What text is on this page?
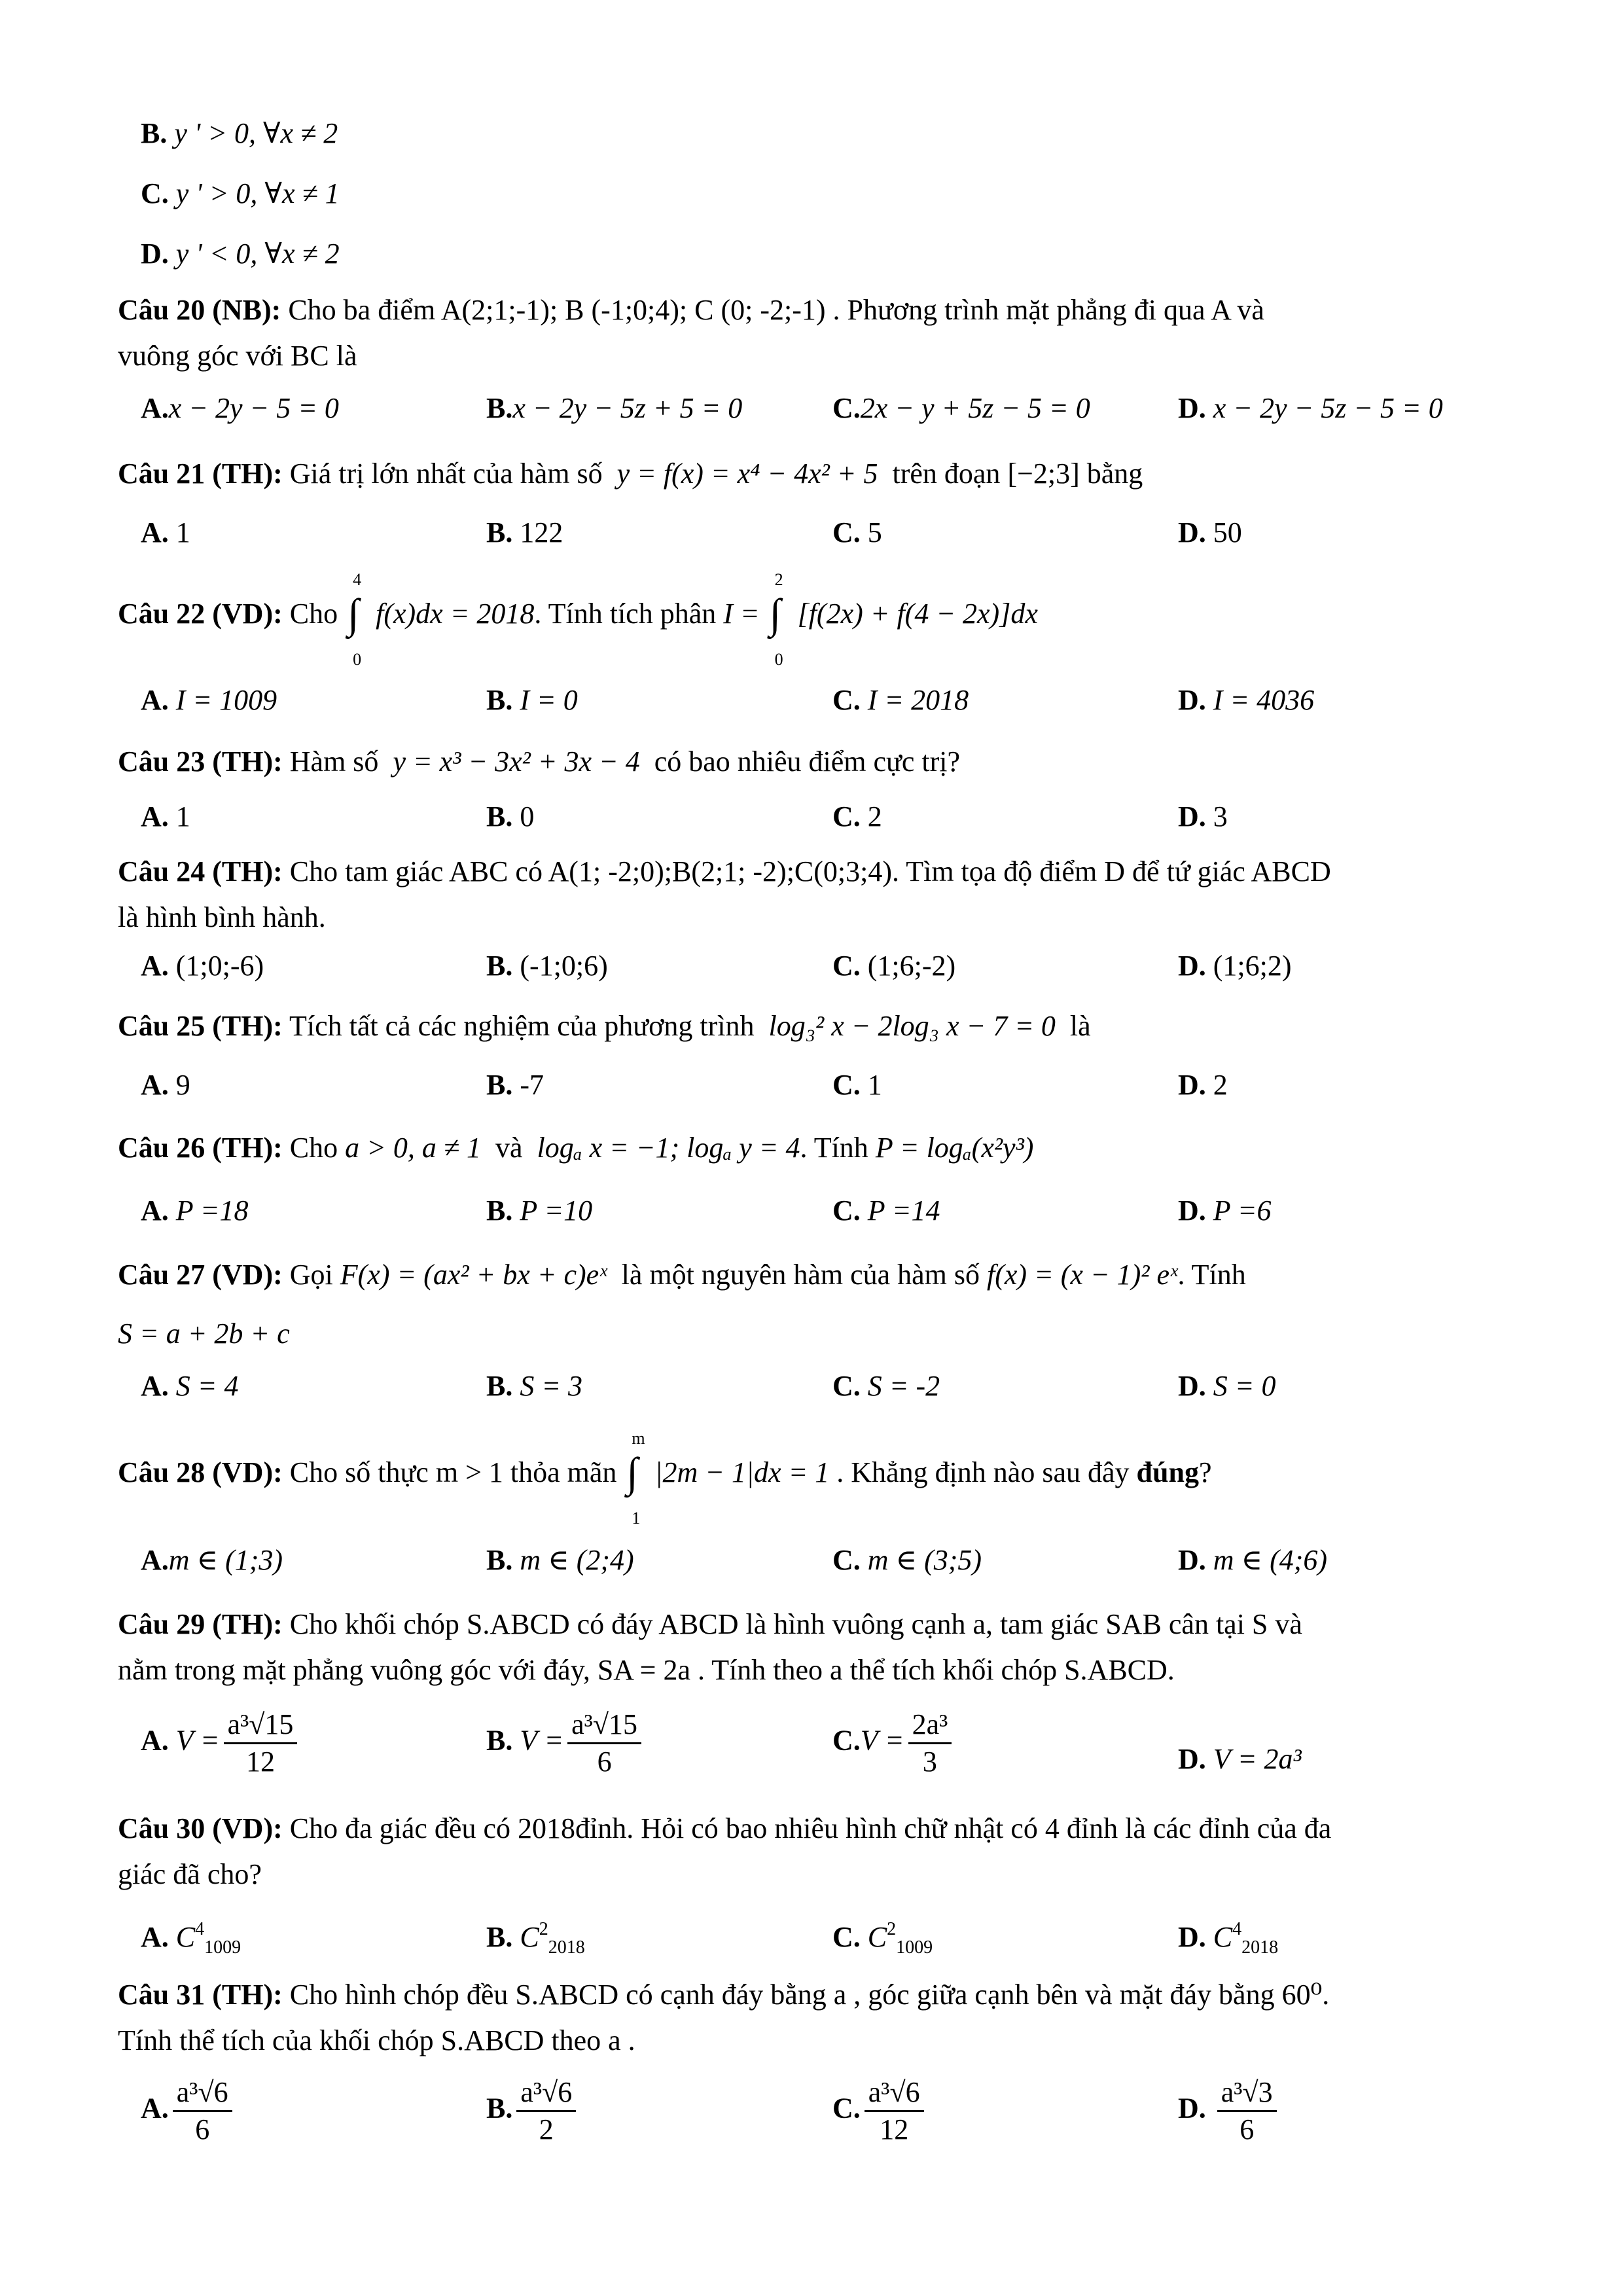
B. y ' > 0, ∀x ≠ 2
C. y ' > 0, ∀x ≠ 1
D. y ' < 0, ∀x ≠ 2
Câu 20 (NB): Cho ba điểm A(2;1;-1); B (-1;0;4); C (0; -2;-1) . Phương trình mặt phẳng đi qua A và
vuông góc với BC là
A.x − 2y − 5 = 0	B.x − 2y − 5z + 5 = 0	C.2x − y + 5z − 5 = 0	D. x − 2y − 5z − 5 = 0
Câu 21 (TH): Giá trị lớn nhất của hàm số y = f(x) = x⁴ − 4x² + 5 trên đoạn [−2;3] bằng
A. 1	B. 122	C. 5	D. 50
Câu 22 (VD): Cho
4
∫
0
f(x)dx = 2018. Tính tích phân I =
2
∫
0
[f(2x) + f(4 − 2x)]dx
A. I = 1009	B. I = 0	C. I = 2018	D. I = 4036
Câu 23 (TH): Hàm số y = x³ − 3x² + 3x − 4 có bao nhiêu điểm cực trị?
A. 1	B. 0	C. 2	D. 3
Câu 24 (TH): Cho tam giác ABC có A(1; -2;0);B(2;1; -2);C(0;3;4). Tìm tọa độ điểm D để tứ giác ABCD
là hình bình hành.
A. (1;0;-6)	B. (-1;0;6)	C. (1;6;-2)	D. (1;6;2)
Câu 25 (TH): Tích tất cả các nghiệm của phương trình log₃² x − 2log₃ x − 7 = 0 là
A. 9	B. -7	C. 1	D. 2
Câu 26 (TH): Cho a > 0, a ≠ 1 và logₐ x = −1; logₐ y = 4. Tính P = logₐ(x²y³)
A. P =18	B. P =10	C. P =14	D. P =6
Câu 27 (VD): Gọi F(x) = (ax² + bx + c)eˣ là một nguyên hàm của hàm số f(x) = (x − 1)² eˣ. Tính
S = a + 2b + c
A. S = 4	B. S = 3	C. S = -2	D. S = 0
Câu 28 (VD): Cho số thực m > 1 thỏa mãn
m
∫
1
|2m − 1|dx = 1 . Khẳng định nào sau đây đúng?
A.m ∈ (1;3)	B. m ∈ (2;4)	C. m ∈ (3;5)	D. m ∈ (4;6)
Câu 29 (TH): Cho khối chóp S.ABCD có đáy ABCD là hình vuông cạnh a, tam giác SAB cân tại S và
nằm trong mặt phẳng vuông góc với đáy, SA = 2a . Tính theo a thể tích khối chóp S.ABCD.
A. $V = \frac{\text{a³√15}}{12}$	B. $V = \frac{\text{a³√15}}{6}$	$C.V = \frac{\text{2a³}}{3}$	D. V = 2a³
Câu 30 (VD): Cho đa giác đều có 2018đỉnh. Hỏi có bao nhiêu hình chữ nhật có 4 đỉnh là các đỉnh của đa
giác đã cho?
A. $C^4_{1009}$	B. $C^2_{2018}$	C. $C^2_{1009}$	D. $C^4_{2018}$
Câu 31 (TH): Cho hình chóp đều S.ABCD có cạnh đáy bằng a , góc giữa cạnh bên và mặt đáy bằng 60⁰.
Tính thể tích của khối chóp S.ABCD theo a .
A. $\frac{\text{a³√6}}{6}$	B. $\frac{\text{a³√6}}{2}$	C. $\frac{\text{a³√6}}{12}$	D. $\frac{\text{a³√3}}{6}$
